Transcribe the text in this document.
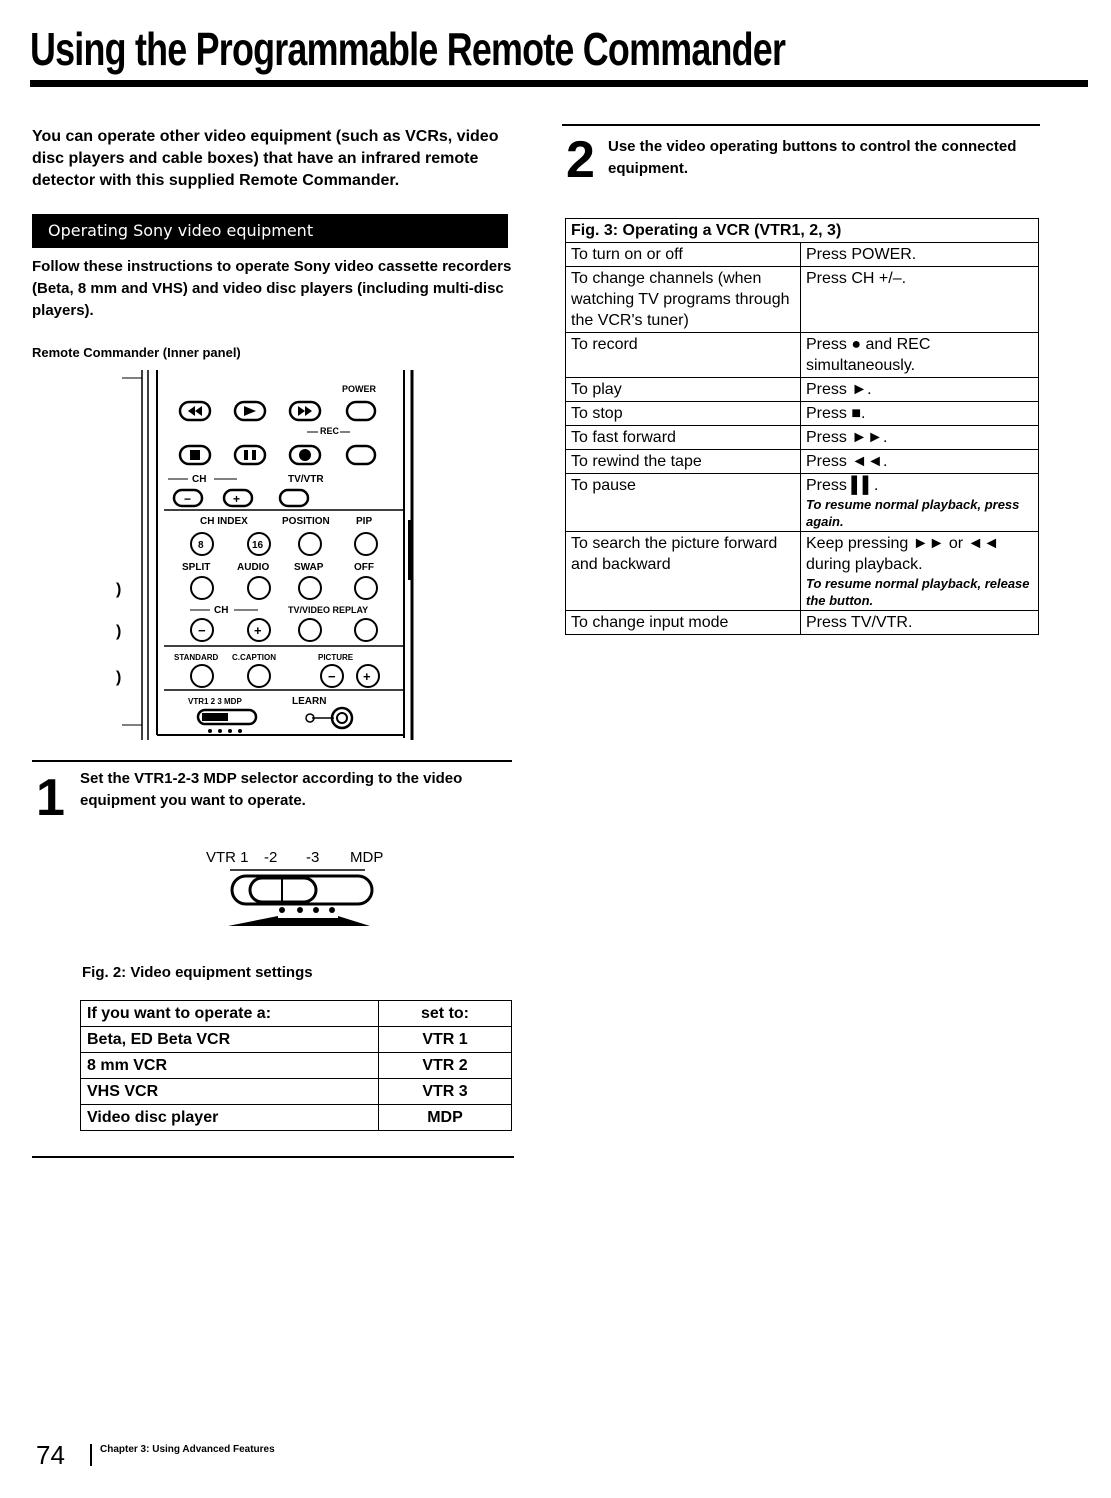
Using the Programmable Remote Commander
You can operate other video equipment (such as VCRs, video disc players and cable boxes) that have an infrared remote detector with this supplied Remote Commander.
Operating Sony video equipment
Follow these instructions to operate Sony video cassette recorders (Beta, 8 mm and VHS) and video disc players (including multi-disc players).
Remote Commander (Inner panel)
)
)
)
POWER
REC
CH	TV/VTR
−	+
CH INDEX	POSITION	PIP
8	16
SPLIT	AUDIO SWAP	OFF
CH	TV/VIDEO REPLAY
−	+
STANDARD C.CAPTION	PICTURE
− +
VTR1 2 3 MDP	LEARN
1 Set the VTR1-2-3 MDP selector according to the video equipment you want to operate.
VTR 1 -2 -3 MDP
Fig. 2: Video equipment settings
If you want to operate a:	set to:
Beta, ED Beta VCR	VTR 1
8 mm VCR	VTR 2
VHS VCR	VTR 3
Video disc player	MDP
2 Use the video operating buttons to control the connected equipment.
Fig. 3: Operating a VCR (VTR1, 2, 3)	
To turn on or off	Press POWER.
To change channels (when watching TV programs through the VCR's tuner)	Press CH +/–.
To record	Press ● and REC simultaneously.
To play	Press ►.
To stop	Press ■.
To fast forward	Press ►►.
To rewind the tape	Press ◄◄.
To pause	Press ▌▌.
To resume normal playback, press again.

To search the picture forward and backward	Keep pressing ►► or ◄◄ during playback.
To resume normal playback, release the button.

To change input mode	Press TV/VTR.
74	Chapter 3: Using Advanced Features
